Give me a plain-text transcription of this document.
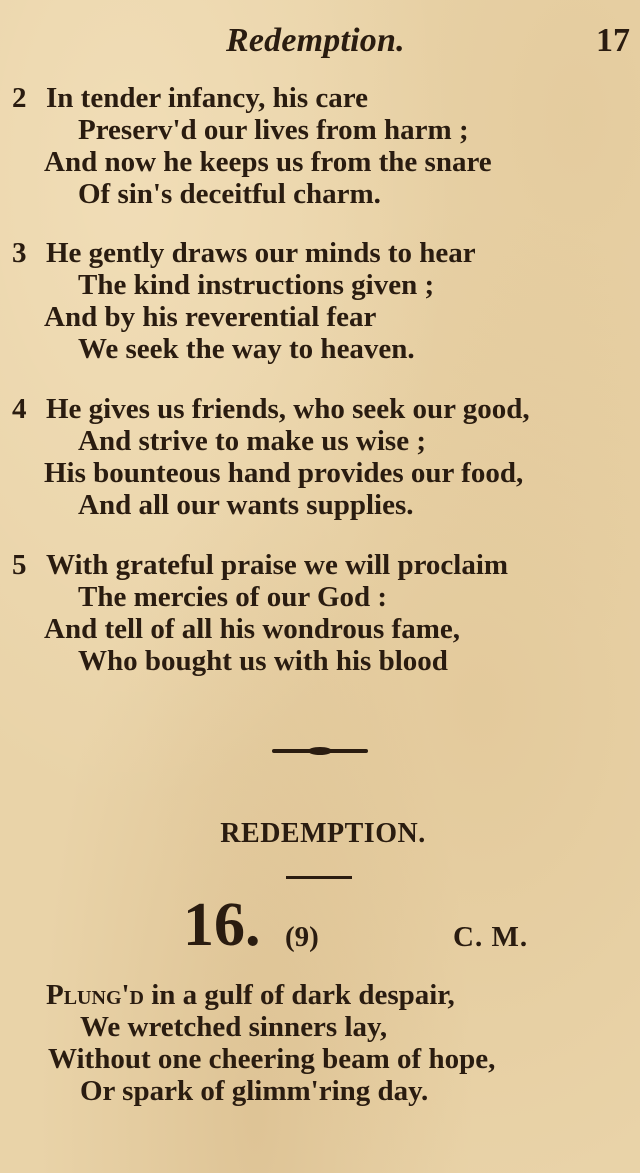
Redemption.	17
2 In tender infancy, his care
Preserv'd our lives from harm ;
And now he keeps us from the snare
Of sin's deceitful charm.
3 He gently draws our minds to hear
The kind instructions given ;
And by his reverential fear
We seek the way to heaven.
4 He gives us friends, who seek our good,
And strive to make us wise ;
His bounteous hand provides our food,
And all our wants supplies.
5 With grateful praise we will proclaim
The mercies of our God :
And tell of all his wondrous fame,
Who bought us with his blood
REDEMPTION.
16. (9)	C. M.
Plung'd in a gulf of dark despair,
We wretched sinners lay,
Without one cheering beam of hope,
Or spark of glimm'ring day.
